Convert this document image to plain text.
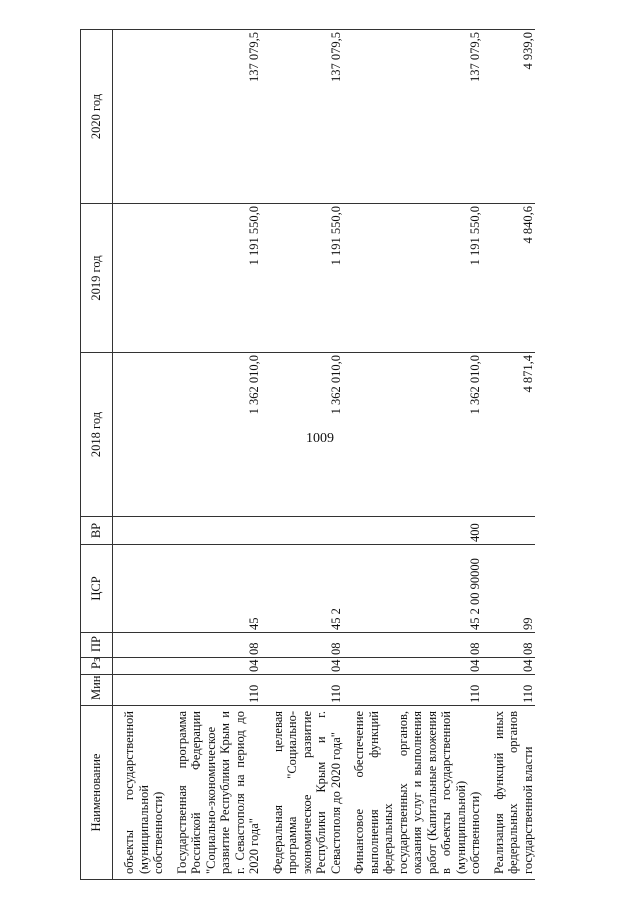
1009
Наименование	Мин	Рз	ПР	ЦСР	ВР	2018 год	2019 год	2020 год
объекты государственной (муниципальной собственности)								
Государственная программа Российской Федерации "Социально-экономическое развитие Республики Крым и г. Севастополя на период до 2020 года"	110	04	08	45		1 362 010,0	1 191 550,0	137 079,5
Федеральная целевая программа "Социально-экономическое развитие Республики Крым и г. Севастополя до 2020 года"	110	04	08	45 2		1 362 010,0	1 191 550,0	137 079,5
Финансовое обеспечение выполнения функций федеральных государственных органов, оказания услуг и выполнения работ (Капитальные вложения в объекты государственной (муниципальной) собственности)	110	04	08	45 2 00 90000	400	1 362 010,0	1 191 550,0	137 079,5
Реализация функций иных федеральных органов государственной власти	110	04	08	99		4 871,4	4 840,6	4 939,0
